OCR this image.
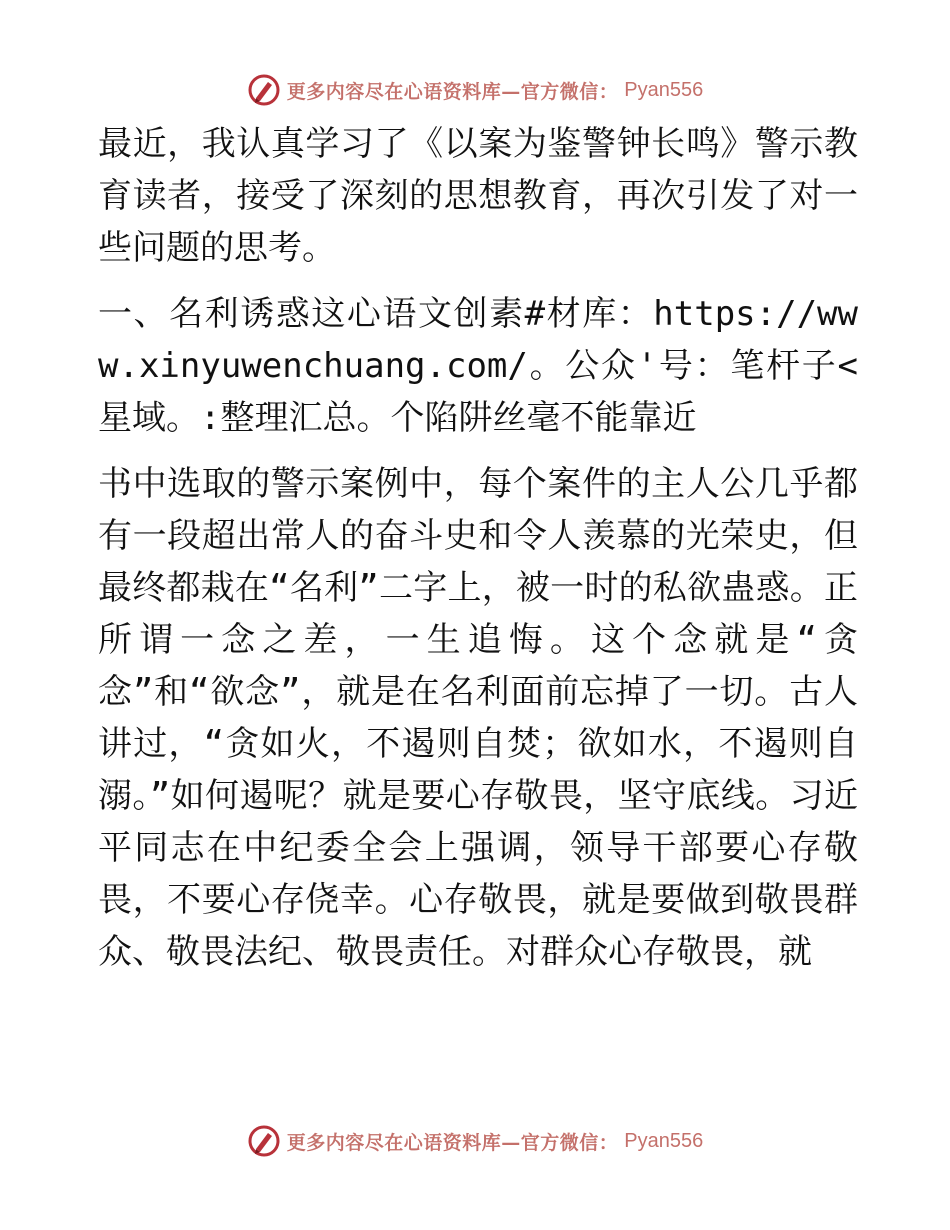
更多内容尽在心语资料库—官方微信： Pyan556

最近，我认真学习了《以案为鉴警钟长鸣》警示教育读者，接受了深刻的思想教育，再次引发了对一些问题的思考。

一、名利诱惑这心语文创素#材库：https://www.xinyuwenchuang.com/。公众'号：笔杆子<星域。:整理汇总。个陷阱丝毫不能靠近

书中选取的警示案例中，每个案件的主人公几乎都有一段超出常人的奋斗史和令人羡慕的光荣史，但最终都栽在“名利”二字上，被一时的私欲蛊惑。正所谓一念之差，一生追悔。这个念就是“贪念”和“欲念”，就是在名利面前忘掉了一切。古人讲过，“贪如火，不遏则自焚；欲如水，不遏则自溺。”如何遏呢？就是要心存敬畏，坚守底线。习近平同志在中纪委全会上强调，领导干部要心存敬畏，不要心存侥幸。心存敬畏，就是要做到敬畏群众、敬畏法纪、敬畏责任。对群众心存敬畏，就

更多内容尽在心语资料库—官方微信： Pyan556
